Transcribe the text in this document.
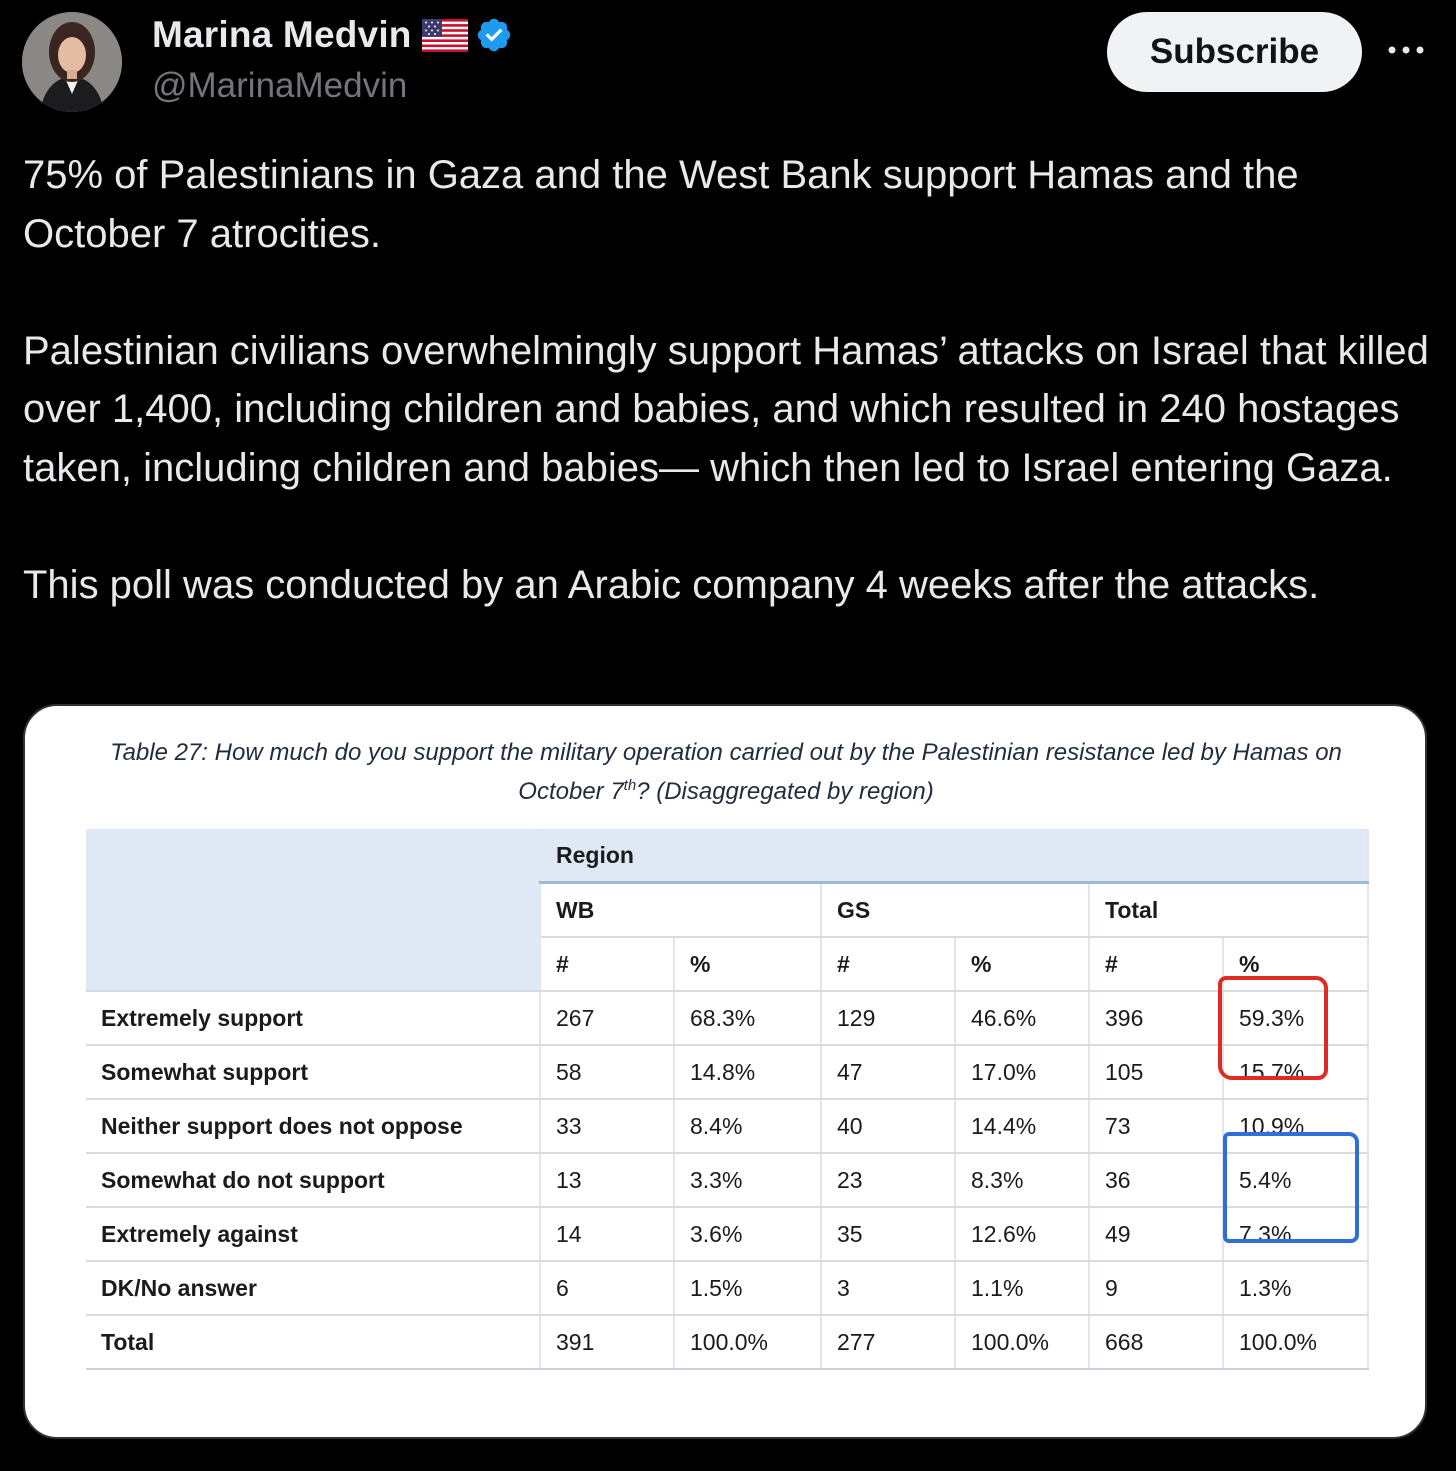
Marina Medvin
@MarinaMedvin
Subscribe

75% of Palestinians in Gaza and the West Bank support Hamas and the October 7 atrocities.

Palestinian civilians overwhelmingly support Hamas’ attacks on Israel that killed over 1,400, including children and babies, and which resulted in 240 hostages taken, including children and babies— which then led to Israel entering Gaza.

This poll was conducted by an Arabic company 4 weeks after the attacks.

Table 27: How much do you support the military operation carried out by the Palestinian resistance led by Hamas on October 7th? (Disaggregated by region)
	Region					
	WB		GS		Total	
	#	%	#	%	#	%
Extremely support	267	68.3%	129	46.6%	396	59.3%
Somewhat support	58	14.8%	47	17.0%	105	15.7%
Neither support does not oppose	33	8.4%	40	14.4%	73	10.9%
Somewhat do not support	13	3.3%	23	8.3%	36	5.4%
Extremely against	14	3.6%	35	12.6%	49	7.3%
DK/No answer	6	1.5%	3	1.1%	9	1.3%
Total	391	100.0%	277	100.0%	668	100.0%
